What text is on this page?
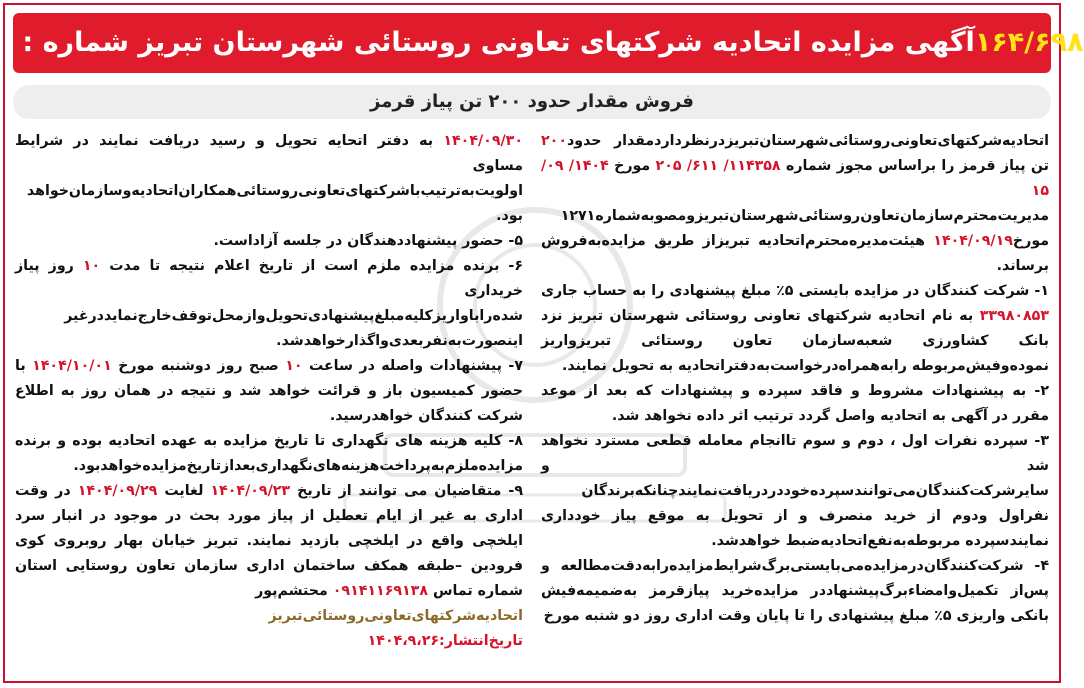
آگهی مزایده اتحادیه شرکتهای تعاونی روستائی شهرستان تبریز شماره : ۱۶۴/۶۹۸
فروش مقدار حدود ۲۰۰ تن پیاز قرمز

اتحادیه‌شرکتهای‌تعاونی‌روستائی‌شهرستان‌تبریزدرنظرداردمقدار حدود۲۰۰ تن پیاز قرمز را براساس مجوز شماره ۱۱۴۳۵۸/ ۶۱۱/ ۲۰۵ مورخ ۱۴۰۴/ ۰۹/ ۱۵ مدیریت‌محترم‌سازمان‌تعاون‌روستائی‌شهرستان‌تبریزومصوبه‌شماره۱۲۷۱ مورخ۱۴۰۴/۰۹/۱۹ هیئت‌مدیره‌محترم‌اتحادیه تبریزاز طریق مزایده‌به‌فروش برساند.

۱- شرکت کنندگان در مزایده بایستی ۵٪ مبلغ پیشنهادی را به حساب جاری ۳۳۹۸۰۸۵۳ به نام اتحادیه شرکتهای تعاونی روستائی شهرستان تبریز نزد بانک کشاورزی شعبه‌سازمان تعاون روستائی تبریزواریز نموده‌وفیش‌مربوطه رابه‌همراه‌در‌خواست‌به‌دفتراتحادیه‌ به‌ تحویل ‌نمایند.

۲- به پیشنهادات مشروط و فاقد سپرده و پیشنهادات که بعد از موعد مقرر در آگهی به اتحادیه واصل گردد ترتیب اثر داده نخواهد شد.

۳- سپرده نفرات اول ، دوم و سوم تاانجام معامله قطعی مسترد نخواهد شد و سایرشرکت‌کنندگان‌می‌توانندسپرده‌خوددردریافت‌نمایند‌چنانکه‌برندگان نفراول ودوم از خرید منصرف و از تحویل به موقع پیاز خودداری نمایندسپرده مربوطه‌به‌نفع‌اتحادیه‌ضبط‌ خواهدشد.

۴- شرکت‌کنندگان‌در‌مزایده‌می‌بایستی‌برگ‌شرایط‌مزایده‌رابه‌دقت‌مطالعه و پس‌از تکمیل‌وامضاءبرگ‌پیشنهاددر مزایده‌خرید پیازقرمز به‌ضمیمه‌فیش بانکی واریزی ۵٪ مبلغ پیشنهادی را تا پایان وقت اداری روز دو شنبه مورخ

۱۴۰۴/۰۹/۳۰ به دفتر اتحایه تحویل و رسید دریافت نمایند در شرایط مساوی اولویت‌به‌ترتیب‌باشرکتهای‌تعاونی‌روستائی‌همکاران‌اتحادیه‌وسازمان‌خواهد بود.

۵- حضور پیشنهاددهندگان در جلسه آزاداست.

۶- برنده مزایده ملزم است از تاریخ اعلام نتیجه تا مدت ۱۰ روز پیاز خریداری شده‌راباواریز‌کلیه‌مبلغ‌پیشنهادی‌تحویل‌واز‌محل‌توقف‌خارج‌نماید‌در‌غیر اینصورت‌به‌نفر‌بعدی‌واگذار‌خواهد‌شد.

۷- پیشنهادات واصله در ساعت ۱۰ صبح روز دوشنبه مورخ ۱۴۰۴/۱۰/۰۱ با حضور کمیسیون باز و قرائت خواهد شد و نتیجه در همان روز به اطلاع شرکت کنندگان خواهدرسید.

۸- کلیه هزینه های نگهداری تا تاریخ مزایده به عهده اتحادیه بوده و برنده مزایده‌ملزم‌به‌پرداخت‌هزینه‌های‌نگهداری‌بعداز‌تاریخ‌مزایده‌خواهدبود.

۹- متقاضیان می توانند از تاریخ ۱۴۰۴/۰۹/۲۳ لغایت ۱۴۰۴/۰۹/۲۹ در وقت اداری به غیر از ایام تعطیل از پیاز مورد بحث در موجود در انبار سرد ایلخچی واقع در ایلخچی بازدید نمایند. تبریز خیابان بهار روبروی کوی فرودین –طبقه همکف ساختمان اداری سازمان تعاون روستایی استان شماره تماس ۰۹۱۴۱۱۶۹۱۳۸ محتشم‌پور

اتحادیه‌شرکتهای‌تعاونی‌روستائی‌تبریز

تاریخ‌انتشار:۱۴۰۴،۹،۲۶
